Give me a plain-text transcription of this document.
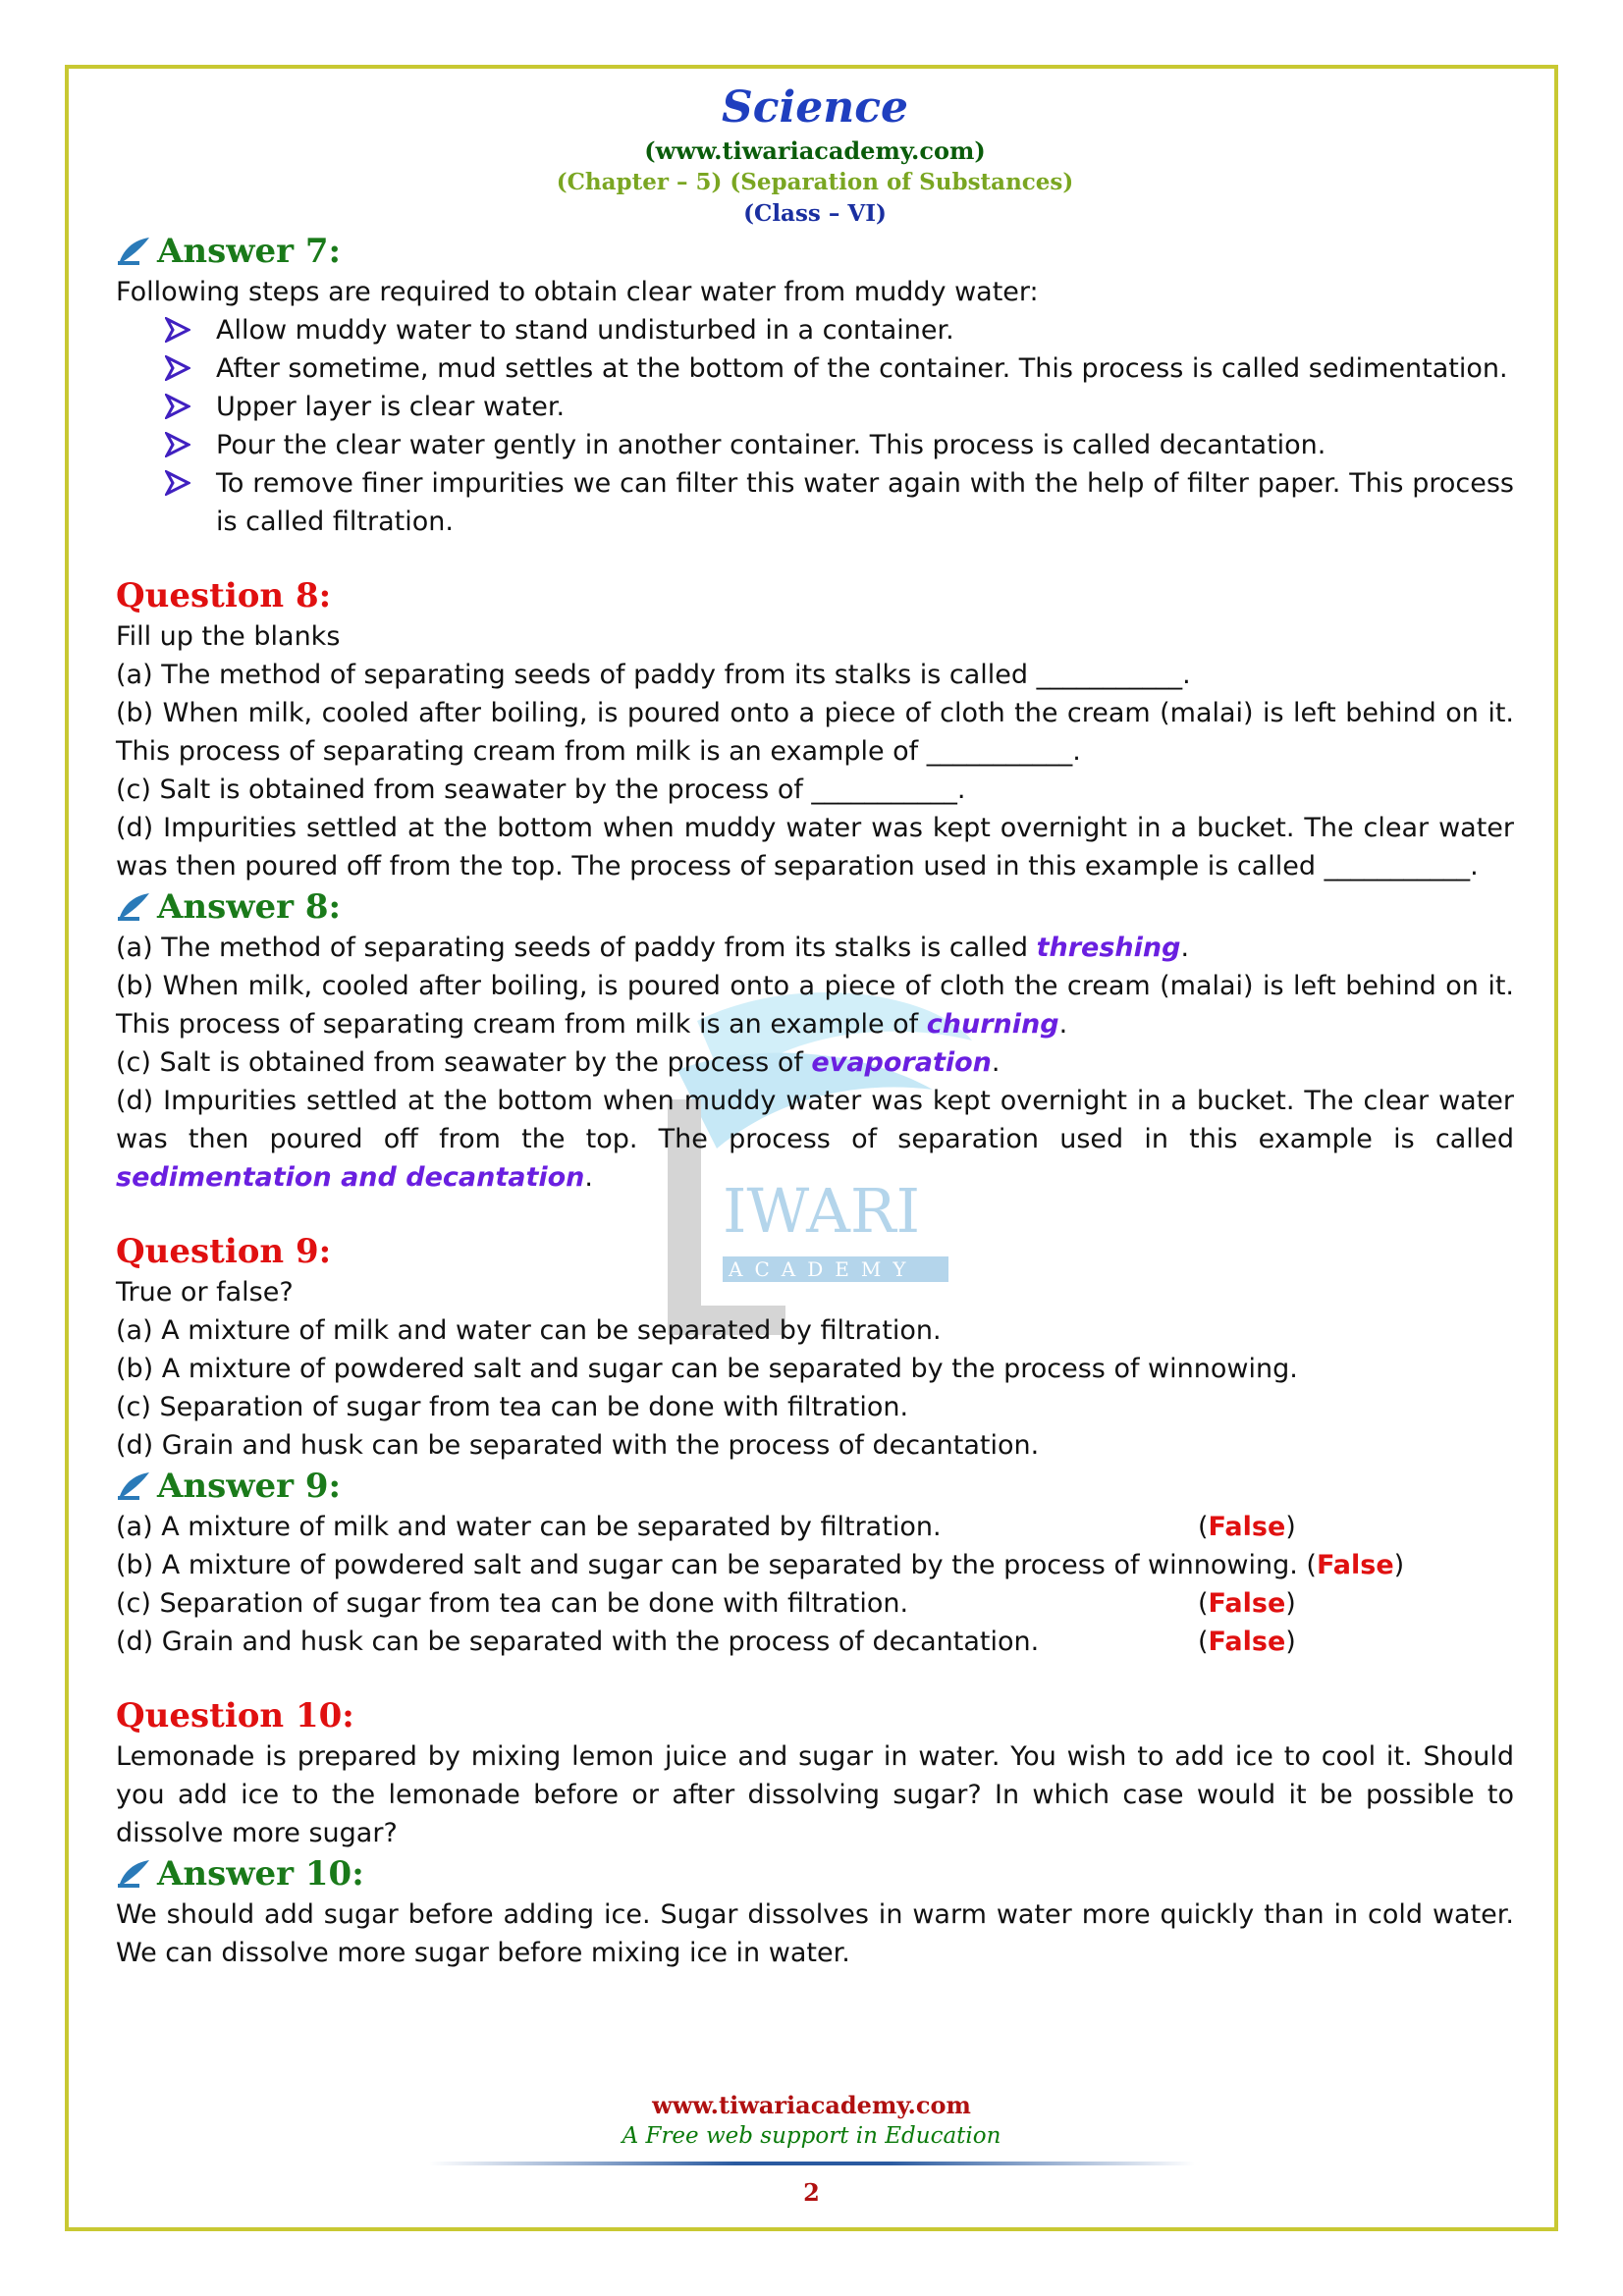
IWARI
ACADEMY
Science
(www.tiwariacademy.com)
(Chapter – 5) (Separation of Substances)
(Class – VI)
Answer 7:

Following steps are required to obtain clear water from muddy water:

Allow muddy water to stand undisturbed in a container.
After sometime, mud settles at the bottom of the container. This process is called sedimentation.
Upper layer is clear water.
Pour the clear water gently in another container. This process is called decantation.
To remove finer impurities we can filter this water again with the help of filter paper. This process is called filtration.
Question 8:

Fill up the blanks

(a) The method of separating seeds of paddy from its stalks is called ___________.

(b) When milk, cooled after boiling, is poured onto a piece of cloth the cream (malai) is left behind on it. This process of separating cream from milk is an example of ___________.

(c) Salt is obtained from seawater by the process of ___________.

(d) Impurities settled at the bottom when muddy water was kept overnight in a bucket. The clear water was then poured off from the top. The process of separation used in this example is called ___________.

Answer 8:

(a) The method of separating seeds of paddy from its stalks is called threshing.

(b) When milk, cooled after boiling, is poured onto a piece of cloth the cream (malai) is left behind on it. This process of separating cream from milk is an example of churning.

(c) Salt is obtained from seawater by the process of evaporation.

(d) Impurities settled at the bottom when muddy water was kept overnight in a bucket. The clear water was then poured off from the top. The process of separation used in this example is called sedimentation and decantation.

Question 9:

True or false?

(a) A mixture of milk and water can be separated by filtration.

(b) A mixture of powdered salt and sugar can be separated by the process of winnowing.

(c) Separation of sugar from tea can be done with filtration.

(d) Grain and husk can be separated with the process of decantation.

Answer 9:
(a) A mixture of milk and water can be separated by filtration.	(False)
(b) A mixture of powdered salt and sugar can be separated by the process of winnowing. (False)
(c) Separation of sugar from tea can be done with filtration.	(False)
(d) Grain and husk can be separated with the process of decantation.	(False)
Question 10:

Lemonade is prepared by mixing lemon juice and sugar in water. You wish to add ice to cool it. Should you add ice to the lemonade before or after dissolving sugar? In which case would it be possible to dissolve more sugar?

Answer 10:

We should add sugar before adding ice. Sugar dissolves in warm water more quickly than in cold water. We can dissolve more sugar before mixing ice in water.

www.tiwariacademy.com
A Free web support in Education
2
